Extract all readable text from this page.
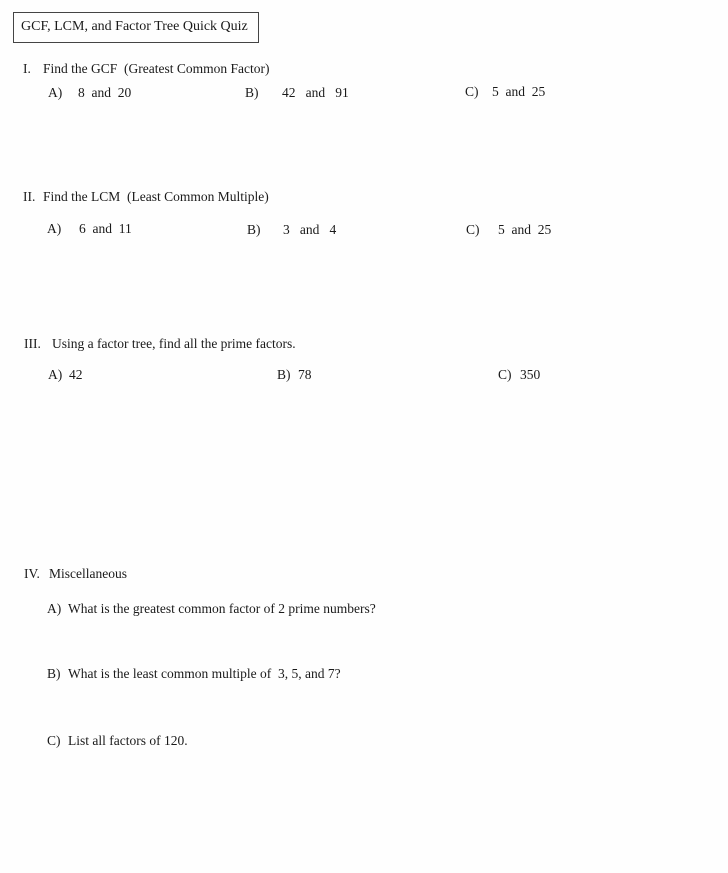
GCF, LCM, and Factor Tree Quick Quiz
I. Find the GCF  (Greatest Common Factor)
A) 8  and  20	B) 42   and   91	C) 5  and  25
II. Find the LCM  (Least Common Multiple)
A) 6  and  11	B) 3   and   4	C) 5  and  25
III. Using a factor tree, find all the prime factors.
A) 42	B) 78	C) 350
IV. Miscellaneous
A) What is the greatest common factor of 2 prime numbers?
B) What is the least common multiple of  3, 5, and 7?
C) List all factors of 120.
